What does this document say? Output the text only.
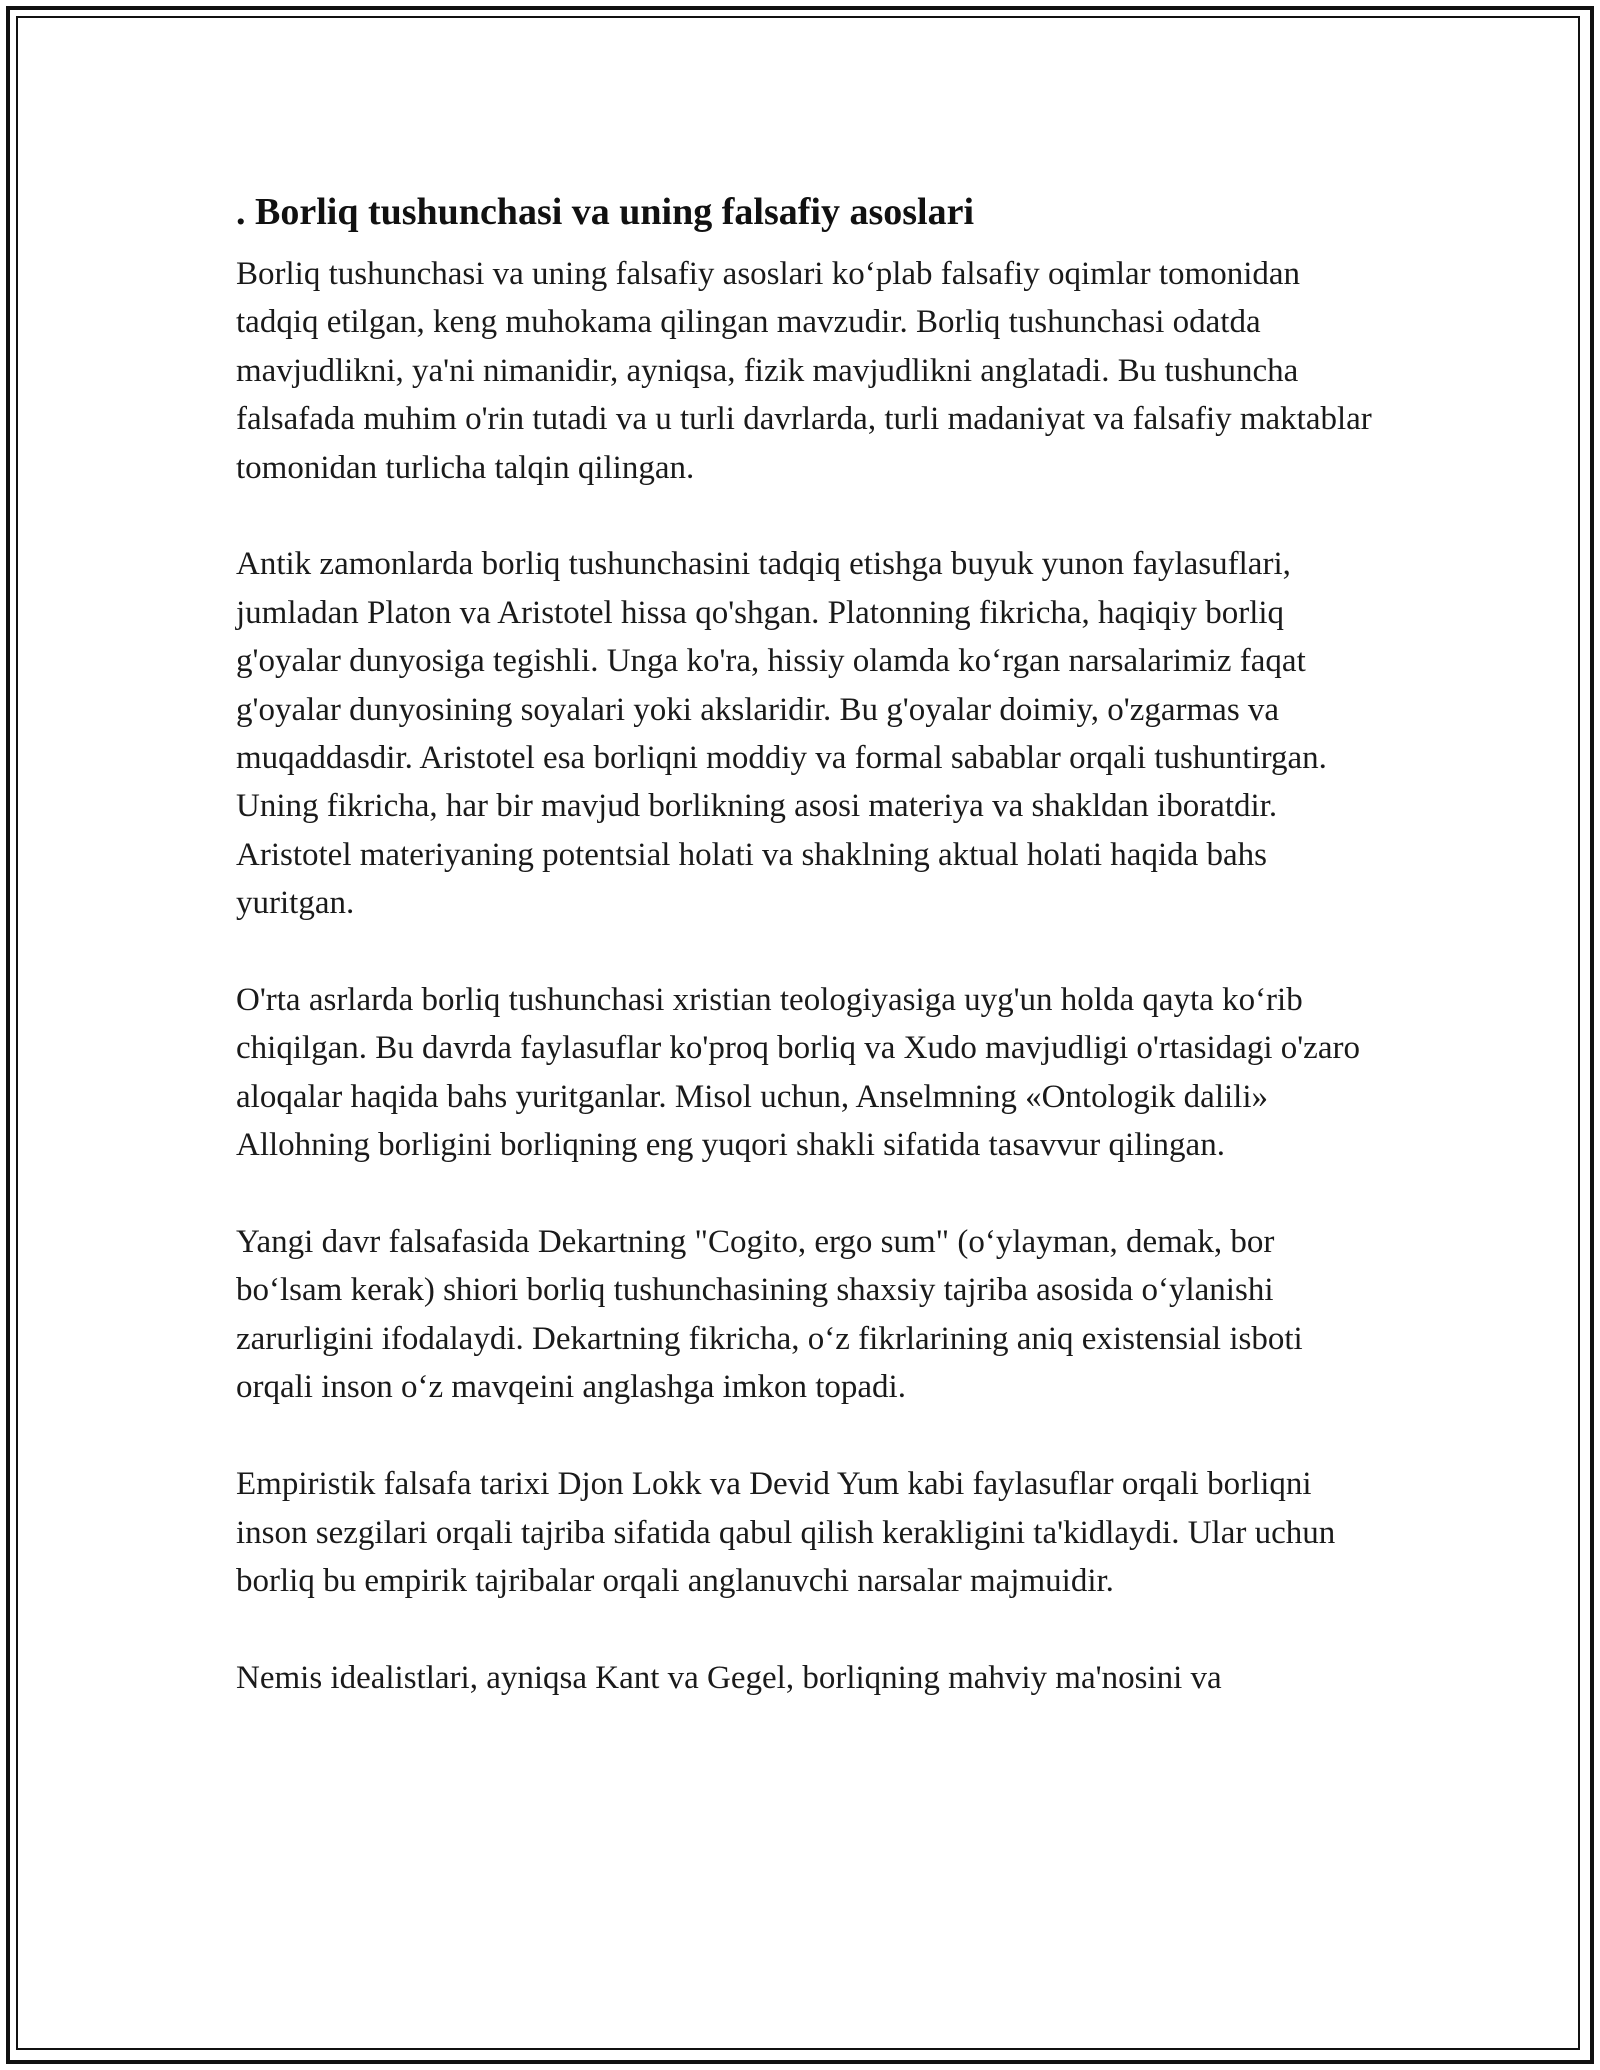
. Borliq tushunchasi va uning falsafiy asoslari

Borliq tushunchasi va uning falsafiy asoslari ko‘plab falsafiy oqimlar tomonidan tadqiq etilgan, keng muhokama qilingan mavzudir. Borliq tushunchasi odatda mavjudlikni, ya'ni nimanidir, ayniqsa, fizik mavjudlikni anglatadi. Bu tushuncha falsafada muhim o'rin tutadi va u turli davrlarda, turli madaniyat va falsafiy maktablar tomonidan turlicha talqin qilingan.

Antik zamonlarda borliq tushunchasini tadqiq etishga buyuk yunon faylasuflari, jumladan Platon va Aristotel hissa qo'shgan. Platonning fikricha, haqiqiy borliq g'oyalar dunyosiga tegishli. Unga ko'ra, hissiy olamda ko‘rgan narsalarimiz faqat g'oyalar dunyosining soyalari yoki akslaridir. Bu g'oyalar doimiy, o'zgarmas va muqaddasdir. Aristotel esa borliqni moddiy va formal sabablar orqali tushuntirgan. Uning fikricha, har bir mavjud borlikning asosi materiya va shakldan iboratdir. Aristotel materiyaning potentsial holati va shaklning aktual holati haqida bahs yuritgan.

O'rta asrlarda borliq tushunchasi xristian teologiyasiga uyg'un holda qayta ko‘rib chiqilgan. Bu davrda faylasuflar ko'proq borliq va Xudo mavjudligi o'rtasidagi o'zaro aloqalar haqida bahs yuritganlar. Misol uchun, Anselmning «Ontologik dalili» Allohning borligini borliqning eng yuqori shakli sifatida tasavvur qilingan.

Yangi davr falsafasida Dekartning "Cogito, ergo sum" (o‘ylayman, demak, bor bo‘lsam kerak) shiori borliq tushunchasining shaxsiy tajriba asosida o‘ylanishi zarurligini ifodalaydi. Dekartning fikricha, o‘z fikrlarining aniq existensial isboti orqali inson o‘z mavqeini anglashga imkon topadi.

Empiristik falsafa tarixi Djon Lokk va Devid Yum kabi faylasuflar orqali borliqni inson sezgilari orqali tajriba sifatida qabul qilish kerakligini ta'kidlaydi. Ular uchun borliq bu empirik tajribalar orqali anglanuvchi narsalar majmuidir.

Nemis idealistlari, ayniqsa Kant va Gegel, borliqning mahviy ma'nosini va
